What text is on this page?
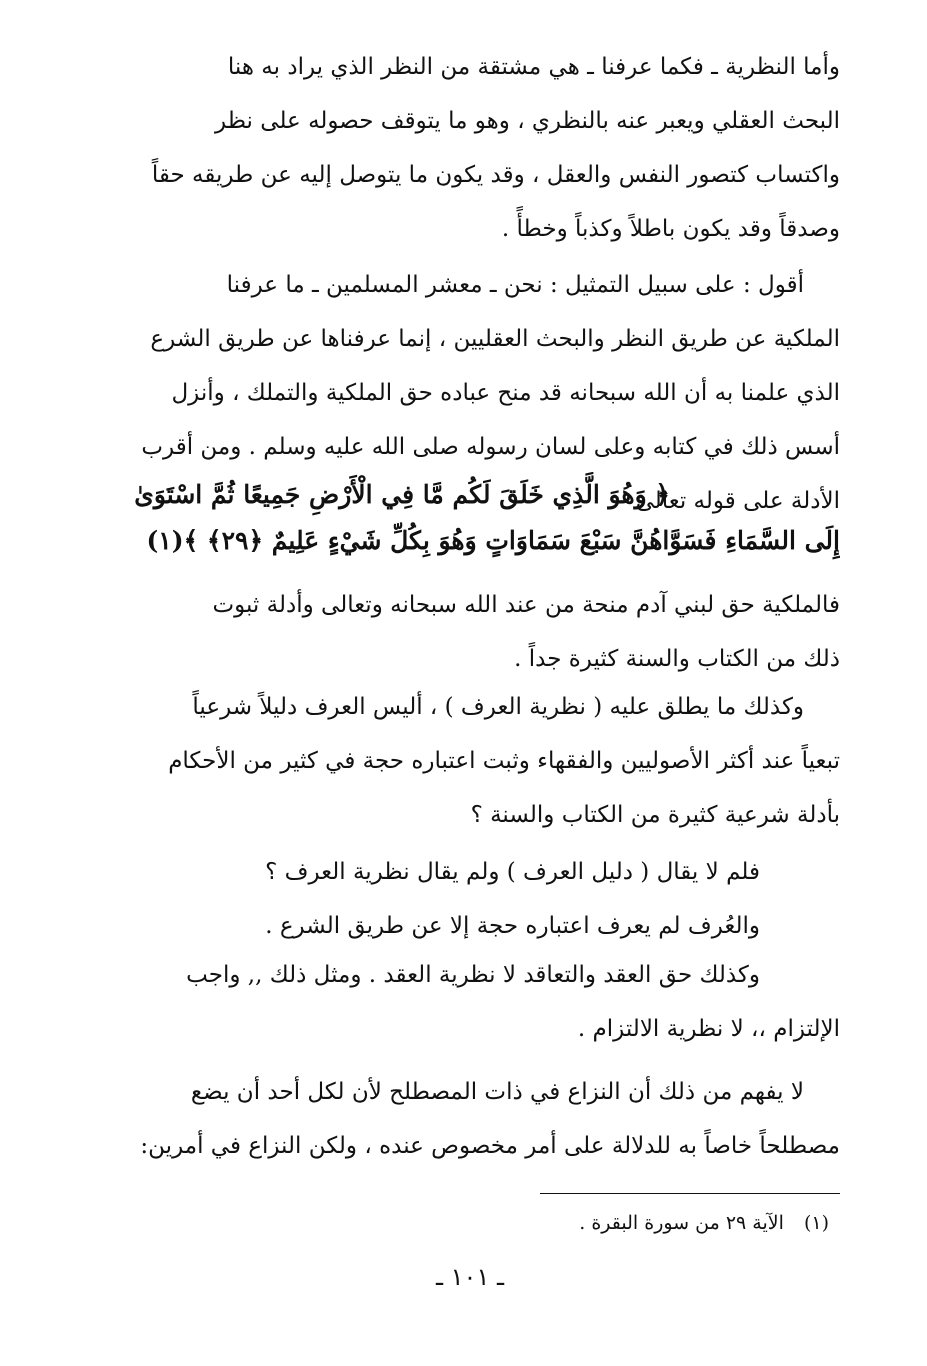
وأما النظرية ـ فكما عرفنا ـ هي مشتقة من النظر الذي يراد به هنا
البحث العقلي ويعبر عنه بالنظري ، وهو ما يتوقف حصوله على نظر
واكتساب كتصور النفس والعقل ، وقد يكون ما يتوصل إليه عن طريقه حقاً
وصدقاً وقد يكون باطلاً وكذباً وخطأً .
أقول : على سبيل التمثيل : نحن ـ معشر المسلمين ـ ما عرفنا
الملكية عن طريق النظر والبحث العقليين ، إنما عرفناها عن طريق الشرع
الذي علمنا به أن الله سبحانه قد منح عباده حق الملكية والتملك ، وأنزل
أسس ذلك في كتابه وعلى لسان رسوله صلى الله عليه وسلم . ومن أقرب
الأدلة على قوله تعالى
﴿ وَهُوَ الَّذِي خَلَقَ لَكُم مَّا فِي الْأَرْضِ جَمِيعًا ثُمَّ اسْتَوَىٰ
إِلَى السَّمَاءِ فَسَوَّاهُنَّ سَبْعَ سَمَاوَاتٍ وَهُوَ بِكُلِّ شَيْءٍ عَلِيمٌ ﴿٢٩﴾ ﴾(١)
فالملكية حق لبني آدم منحة من عند الله سبحانه وتعالى وأدلة ثبوت
ذلك من الكتاب والسنة كثيرة جداً .
وكذلك ما يطلق عليه ( نظرية العرف ) ، أليس العرف دليلاً شرعياً
تبعياً عند أكثر الأصوليين والفقهاء وثبت اعتباره حجة في كثير من الأحكام
بأدلة شرعية كثيرة من الكتاب والسنة ؟
فلم لا يقال ( دليل العرف ) ولم يقال نظرية العرف ؟
والعُرف لم يعرف اعتباره حجة إلا عن طريق الشرع .
وكذلك حق العقد والتعاقد لا نظرية العقد . ومثل ذلك ,, واجب
الإلتزام ،، لا نظرية الالتزام .
لا يفهم من ذلك أن النزاع في ذات المصطلح لأن لكل أحد أن يضع
مصطلحاً خاصاً به للدلالة على أمر مخصوص عنده ، ولكن النزاع في أمرين:
(١) الآية ٢٩ من سورة البقرة .
ـ ١٠١ ـ
